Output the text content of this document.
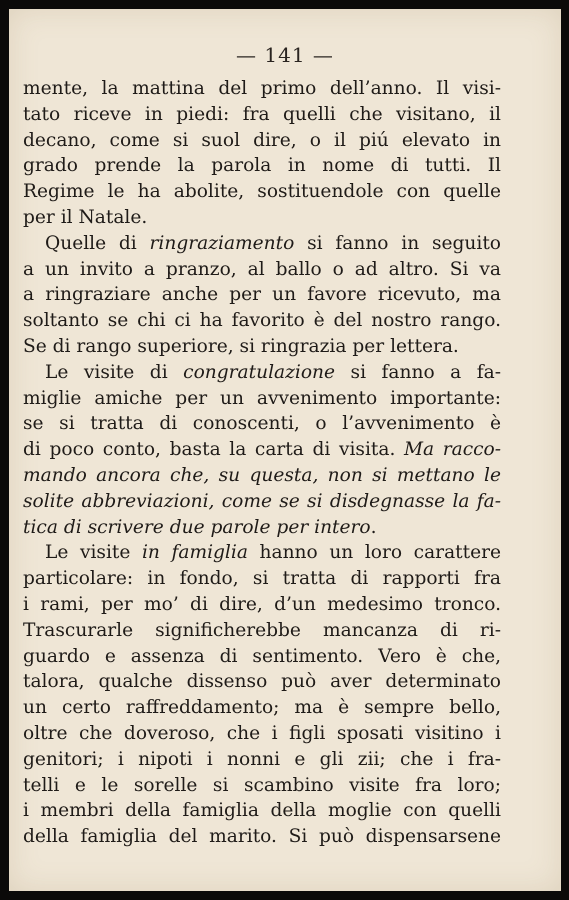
— 141 —
mente, la mattina del primo dell’anno. Il visi-
tato riceve in piedi: fra quelli che visitano, il
decano, come si suol dire, o il piú elevato in
grado prende la parola in nome di tutti. Il
Regime le ha abolite, sostituendole con quelle
per il Natale.
Quelle di ringraziamento si fanno in seguito
a un invito a pranzo, al ballo o ad altro. Si va
a ringraziare anche per un favore ricevuto, ma
soltanto se chi ci ha favorito è del nostro rango.
Se di rango superiore, si ringrazia per lettera.
Le visite di congratulazione si fanno a fa-
miglie amiche per un avvenimento importante:
se si tratta di conoscenti, o l’avvenimento è
di poco conto, basta la carta di visita. Ma racco-
mando ancora che, su questa, non si mettano le
solite abbreviazioni, come se si disdegnasse la fa-
tica di scrivere due parole per intero.
Le visite in famiglia hanno un loro carattere
particolare: in fondo, si tratta di rapporti fra
i rami, per mo’ di dire, d’un medesimo tronco.
Trascurarle significherebbe mancanza di ri-
guardo e assenza di sentimento. Vero è che,
talora, qualche dissenso può aver determinato
un certo raffreddamento; ma è sempre bello,
oltre che doveroso, che i figli sposati visitino i
genitori; i nipoti i nonni e gli zii; che i fra-
telli e le sorelle si scambino visite fra loro;
i membri della famiglia della moglie con quelli
della famiglia del marito. Si può dispensarsene
